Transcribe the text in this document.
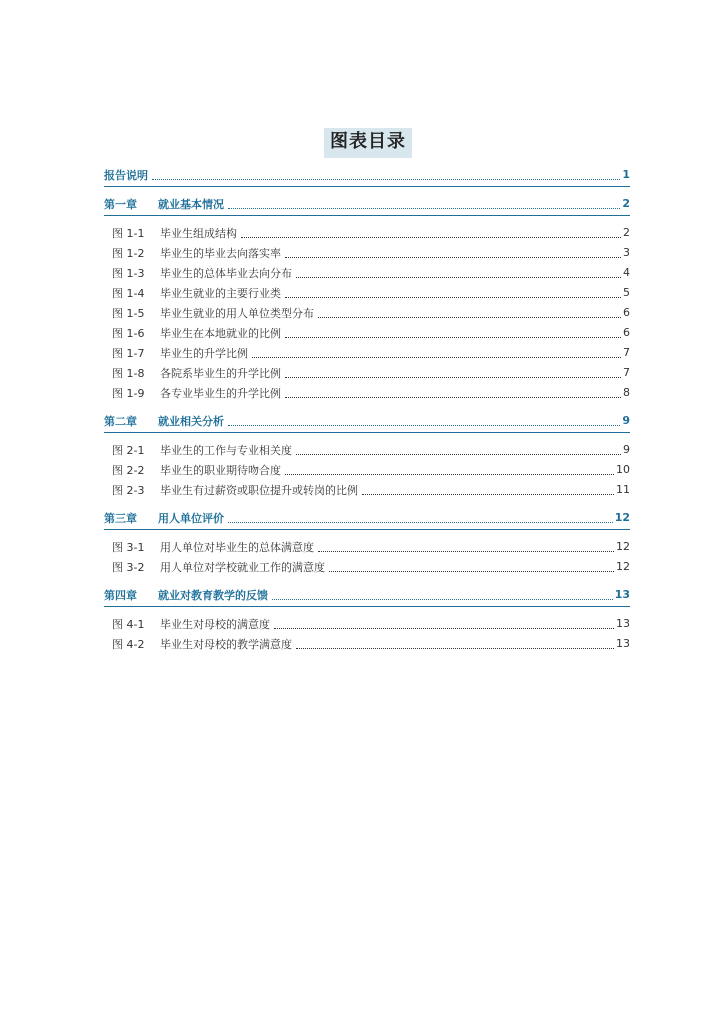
图表目录
报告说明	1
第一章	就业基本情况	2
图 1-1	毕业生组成结构	2
图 1-2	毕业生的毕业去向落实率	3
图 1-3	毕业生的总体毕业去向分布	4
图 1-4	毕业生就业的主要行业类	5
图 1-5	毕业生就业的用人单位类型分布	6
图 1-6	毕业生在本地就业的比例	6
图 1-7	毕业生的升学比例	7
图 1-8	各院系毕业生的升学比例	7
图 1-9	各专业毕业生的升学比例	8
第二章	就业相关分析	9
图 2-1	毕业生的工作与专业相关度	9
图 2-2	毕业生的职业期待吻合度	10
图 2-3	毕业生有过薪资或职位提升或转岗的比例	11
第三章	用人单位评价	12
图 3-1	用人单位对毕业生的总体满意度	12
图 3-2	用人单位对学校就业工作的满意度	12
第四章	就业对教育教学的反馈	13
图 4-1	毕业生对母校的满意度	13
图 4-2	毕业生对母校的教学满意度	13
